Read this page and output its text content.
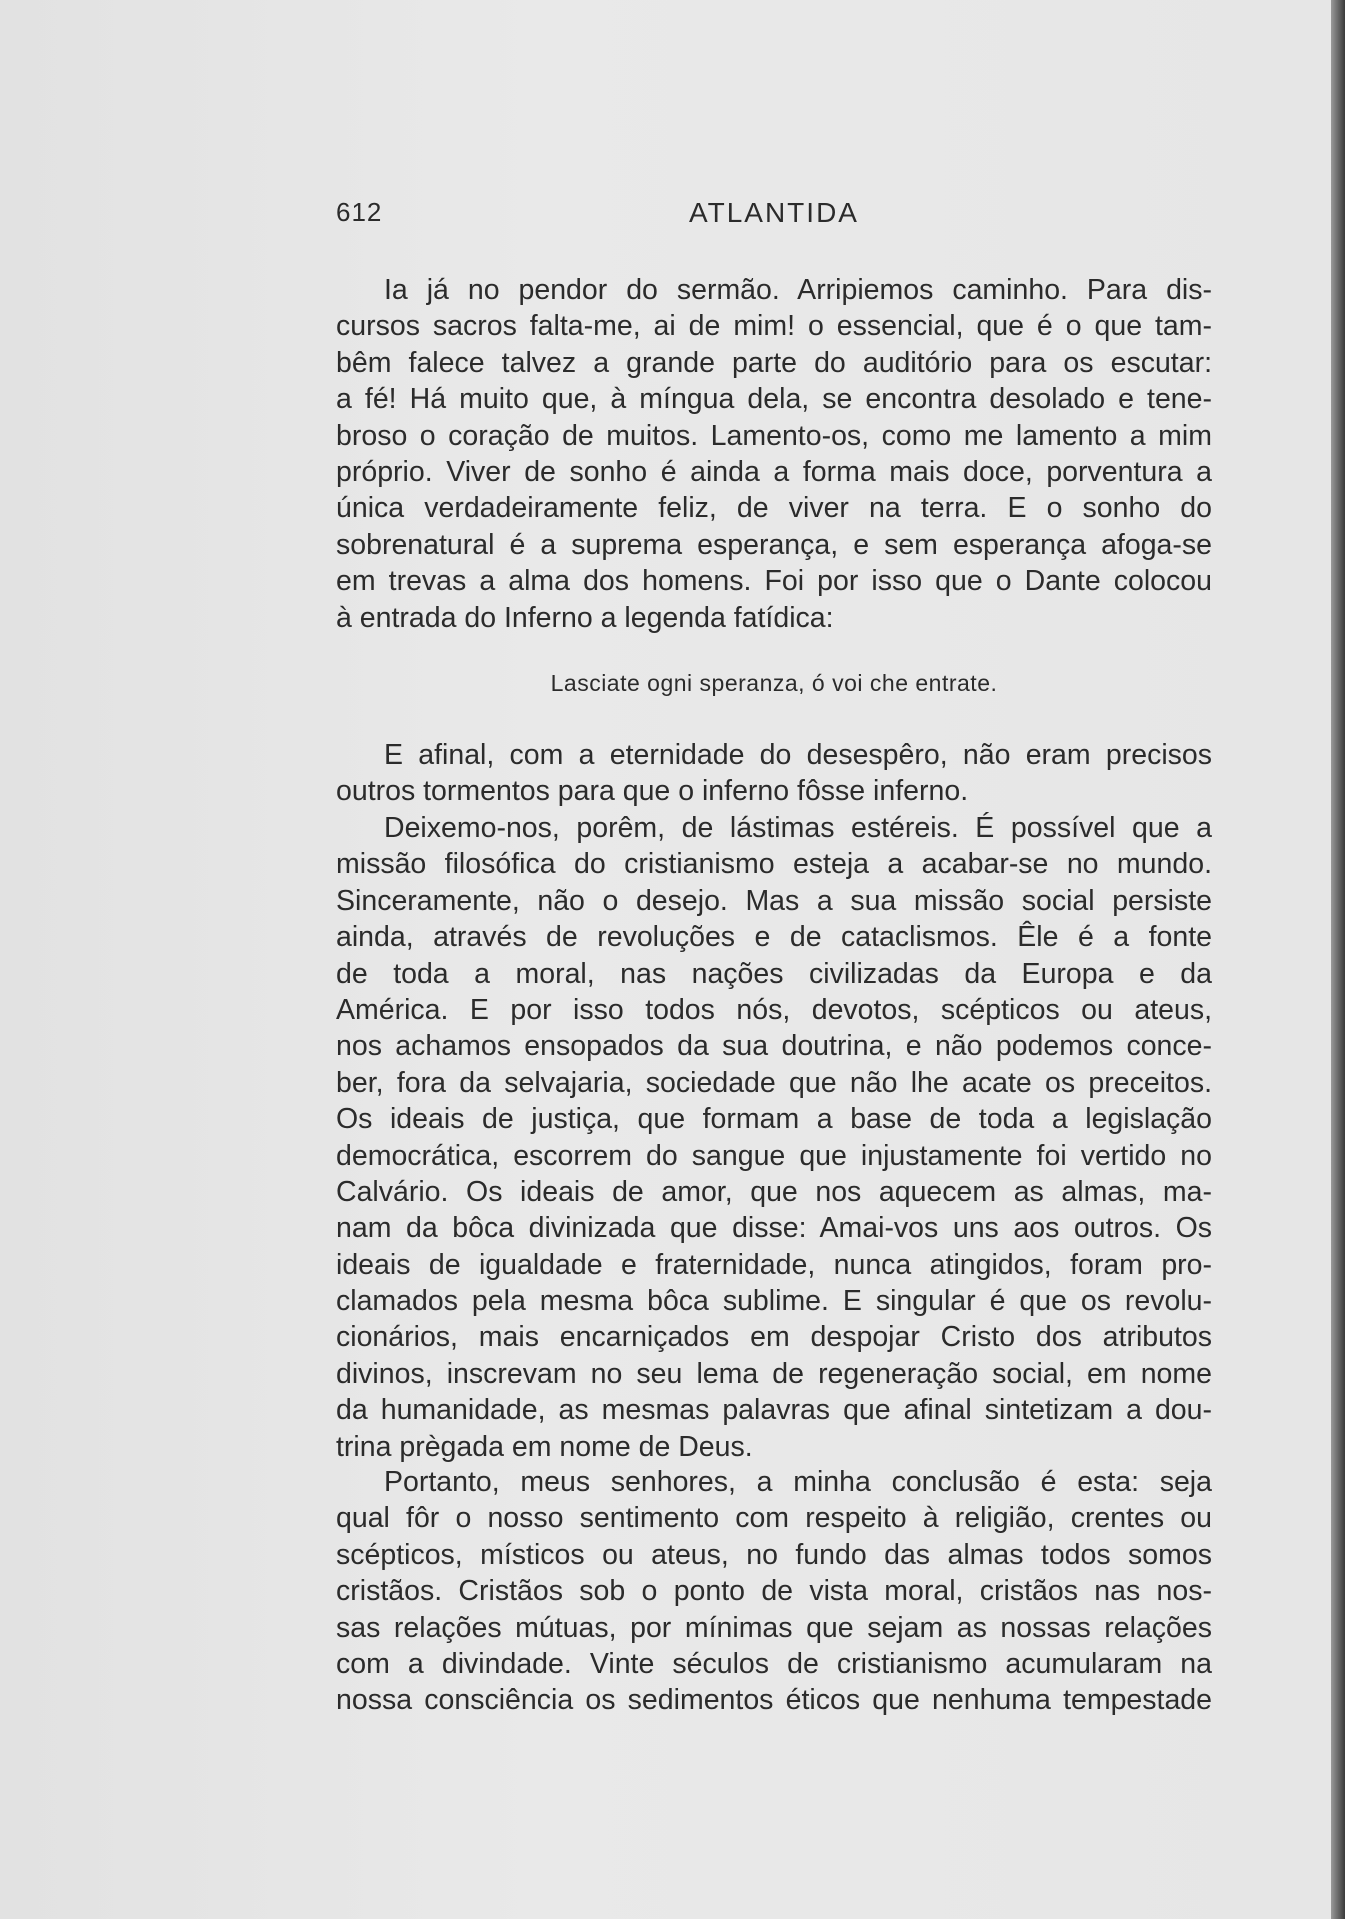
ATLANTIDA
612
Ia já no pendor do sermão. Arripiemos caminho. Para dis-
cursos sacros falta-me, ai de mim! o essencial, que é o que tam-
bêm falece talvez a grande parte do auditório para os escutar:
a fé! Há muito que, à míngua dela, se encontra desolado e tene-
broso o coração de muitos. Lamento-os, como me lamento a mim
próprio. Viver de sonho é ainda a forma mais doce, porventura a
única verdadeiramente feliz, de viver na terra. E o sonho do
sobrenatural é a suprema esperança, e sem esperança afoga-se
em trevas a alma dos homens. Foi por isso que o Dante colocou
à entrada do Inferno a legenda fatídica:
Lasciate ogni speranza, ó voi che entrate.
E afinal, com a eternidade do desespêro, não eram precisos
outros tormentos para que o inferno fôsse inferno.
Deixemo-nos, porêm, de lástimas estéreis. É possível que a
missão filosófica do cristianismo esteja a acabar-se no mundo.
Sinceramente, não o desejo. Mas a sua missão social persiste
ainda, através de revoluções e de cataclismos. Êle é a fonte
de toda a moral, nas nações civilizadas da Europa e da
América. E por isso todos nós, devotos, scépticos ou ateus,
nos achamos ensopados da sua doutrina, e não podemos conce-
ber, fora da selvajaria, sociedade que não lhe acate os preceitos.
Os ideais de justiça, que formam a base de toda a legislação
democrática, escorrem do sangue que injustamente foi vertido no
Calvário. Os ideais de amor, que nos aquecem as almas, ma-
nam da bôca divinizada que disse: Amai-vos uns aos outros. Os
ideais de igualdade e fraternidade, nunca atingidos, foram pro-
clamados pela mesma bôca sublime. E singular é que os revolu-
cionários, mais encarniçados em despojar Cristo dos atributos
divinos, inscrevam no seu lema de regeneração social, em nome
da humanidade, as mesmas palavras que afinal sintetizam a dou-
trina prègada em nome de Deus.
Portanto, meus senhores, a minha conclusão é esta: seja
qual fôr o nosso sentimento com respeito à religião, crentes ou
scépticos, místicos ou ateus, no fundo das almas todos somos
cristãos. Cristãos sob o ponto de vista moral, cristãos nas nos-
sas relações mútuas, por mínimas que sejam as nossas relações
com a divindade. Vinte séculos de cristianismo acumularam na
nossa consciência os sedimentos éticos que nenhuma tempestade
